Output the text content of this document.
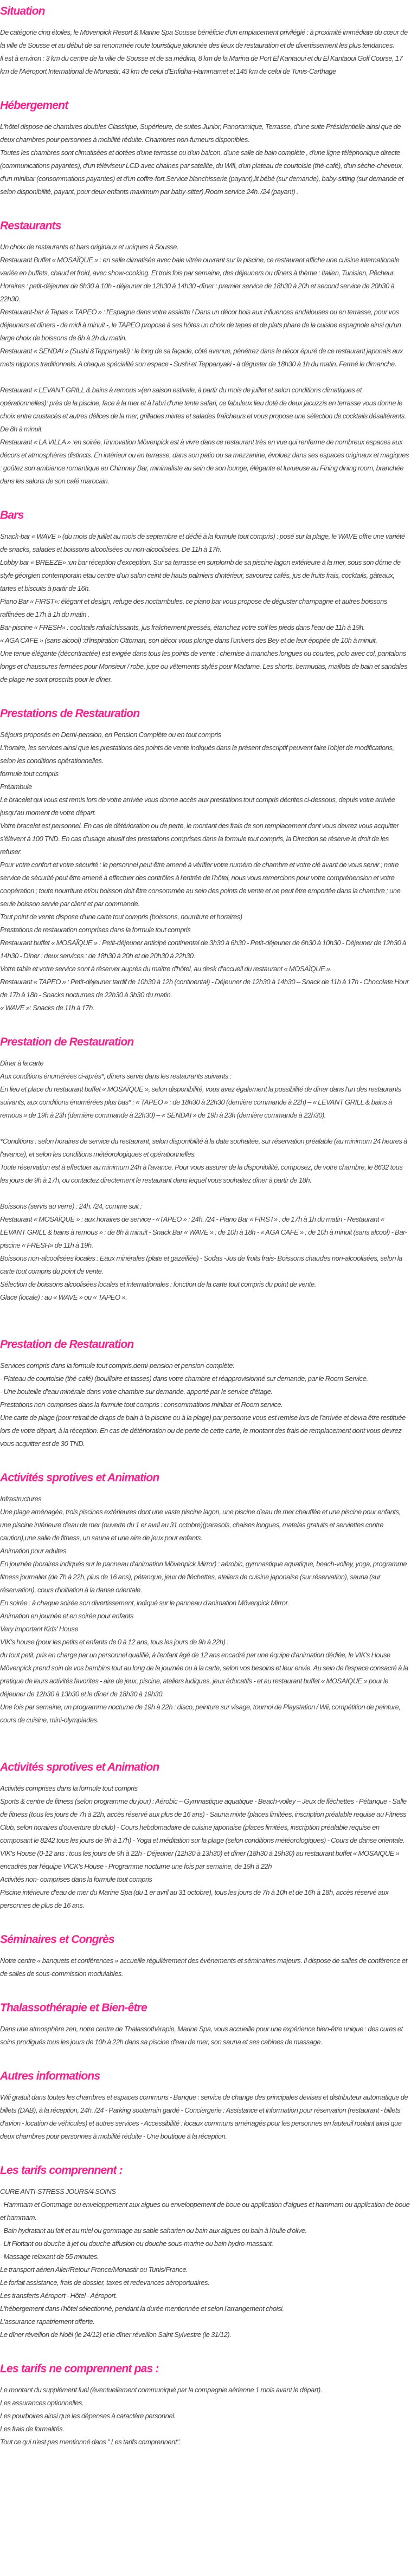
Situation

De catégorie cinq étoiles, le Mövenpick Resort & Marine Spa Sousse bénéficie d'un emplacement privilégié : à proximité immédiate du cœur de la ville de Sousse et au début de sa renommée route touristique jalonnée des lieux de restauration et de divertissement les plus tendances.

Il est à environ : 3 km du centre de la ville de Sousse et de sa médina, 8 km de la Marina de Port El Kantaoui et du El Kantaoui Golf Course, 17 km de l'Aéroport International de Monastir, 43 km de celui d'Enfidha-Hammamet et 145 km de celui de Tunis-Carthage

Hébergement

L'hôtel dispose de chambres doubles Classique, Supérieure, de suites Junior, Panoramique, Terrasse, d'une suite Présidentielle ainsi que de deux chambres pour personnes à mobilité réduite. Chambres non-fumeurs disponibles.

Toutes les chambres sont climatisées et dotées d'une terrasse ou d'un balcon, d'une salle de bain complète , d'une ligne téléphonique directe (communications payantes), d'un téléviseur LCD avec chaines par satellite, du Wifi, d'un plateau de courtoisie (thé-café), d'un sèche-cheveux, d'un minibar (consommations payantes) et d'un coffre-fort.Service blanchisserie (payant),lit bébé (sur demande), baby-sitting (sur demande et selon disponibilité, payant, pour deux enfants maximum par baby-sitter),Room service 24h. /24 (payant) .

Restaurants

Un choix de restaurants et bars originaux et uniques à Sousse.

Restaurant Buffet « MOSAÏQUE » : en salle climatisée avec baie vitrée ouvrant sur la piscine, ce restaurant affiche une cuisine internationale variée en buffets, chaud et froid, avec show-cooking. Et trois fois par semaine, des déjeuners ou dîners à thème : Italien, Tunisien, Pêcheur.

Horaires : petit-déjeuner de 6h30 à 10h - déjeuner de 12h30 à 14h30 -dîner : premier service de 18h30 à 20h et second service de 20h30 à 22h30.

Restaurant-bar à Tapas « TAPEO » : l'Espagne dans votre assiette ! Dans un décor bois aux influences andalouses ou en terrasse, pour vos déjeuners et dîners - de midi à minuit -, le TAPEO propose à ses hôtes un choix de tapas et de plats phare de la cuisine espagnole ainsi qu'un large choix de boissons de 8h à 2h du matin.

Restaurant « SENDAI » (Sushi &Teppanyaki) : le long de sa façade, côté avenue, pénétrez dans le décor épuré de ce restaurant japonais aux mets nippons traditionnels. A chaque spécialité son espace - Sushi et Teppanyaki - à déguster de 18h30 à 1h du matin. Fermé le dimanche.

Restaurant « LEVANT GRILL & bains à remous »(en saison estivale, à partir du mois de juillet et selon conditions climatiques et opérationnelles): près de la piscine, face à la mer et à l'abri d'une tente safari, ce fabuleux lieu doté de deux jacuzzis en terrasse vous donne le choix entre crustacés et autres délices de la mer, grillades mixtes et salades fraîcheurs et vous propose une sélection de cocktails désaltérants. De 8h à minuit.

Restaurant « LA VILLA » :en soirée, l'innovation Mövenpick est à vivre dans ce restaurant très en vue qui renferme de nombreux espaces aux décors et atmosphères distincts. En intérieur ou en terrasse, dans son patio ou sa mezzanine, évoluez dans ses espaces originaux et magiques : goûtez son ambiance romantique au Chimney Bar, minimaliste au sein de son lounge, élégante et luxueuse au Fining dining room, branchée dans les salons de son café marocain.

Bars

Snack-bar « WAVE » (du mois de juillet au mois de septembre et dédié à la formule tout compris) : posé sur la plage, le WAVE offre une variété de snacks, salades et boissons alcoolisées ou non-alcoolisées. De 11h à 17h.

Lobby bar « BREEZE» :un bar réception d'exception. Sur sa terrasse en surplomb de sa piscine lagon extérieure à la mer, sous son dôme de style géorgien contemporain etau centre d'un salon ceint de hauts palmiers d'intérieur, savourez cafés, jus de fruits frais, cocktails, gâteaux, tartes et biscuits à partir de 16h.

Piano Bar « FIRST»: élégant et design, refuge des noctambules, ce piano bar vous propose de déguster champagne et autres boissons raffinées de 17h à 1h du matin .

Bar-piscine « FRESH» : cocktails rafraîchissants, jus fraîchement pressés, étanchez votre soif les pieds dans l'eau de 11h à 19h.

« AGA CAFE » (sans alcool) :d'inspiration Ottoman, son décor vous plonge dans l'univers des Bey et de leur épopée de 10h à minuit.

Une tenue élégante (décontractée) est exigée dans tous les points de vente : chemise à manches longues ou courtes, polo avec col, pantalons longs et chaussures fermées pour Monsieur / robe, jupe ou vêtements stylés pour Madame. Les shorts, bermudas, maillots de bain et sandales de plage ne sont proscrits pour le dîner.

Prestations de Restauration

Séjours proposés en Demi-pension, en Pension Complète ou en tout compris

L'horaire, les services ainsi que les prestations des points de vente indiqués dans le présent descriptif peuvent faire l'objet de modifications, selon les conditions opérationnelles.

formule tout compris

Préambule

Le bracelet qui vous est remis lors de votre arrivée vous donne accès aux prestations tout compris décrites ci-dessous, depuis votre arrivée jusqu'au moment de votre départ.

Votre bracelet est personnel. En cas de détérioration ou de perte, le montant des frais de son remplacement dont vous devrez vous acquitter s'élèvent à 100 TND. En cas d'usage abusif des prestations comprises dans la formule tout compris, la Direction se réserve le droit de les refuser.

Pour votre confort et votre sécurité : le personnel peut être amené à vérifier votre numéro de chambre et votre clé avant de vous servir ; notre service de sécurité peut être amené à effectuer des contrôles à l'entrée de l'hôtel, nous vous remercions pour votre compréhension et votre coopération ; toute nourriture et/ou boisson doit être consommée au sein des points de vente et ne peut être emportée dans la chambre ; une seule boisson servie par client et par commande.

Tout point de vente dispose d'une carte tout compris (boissons, nourriture et horaires)

Prestations de restauration comprises dans la formule tout compris

Restaurant buffet « MOSAÏQUE » : Petit-déjeuner anticipé continental de 3h30 à 6h30 - Petit-déjeuner de 6h30 à 10h30 - Déjeuner de 12h30 à 14h30 - Dîner : deux services : de 18h30 à 20h et de 20h30 à 22h30.

Votre table et votre service sont à réserver auprès du maître d'hôtel, au desk d'accueil du restaurant « MOSAÏQUE ».

Restaurant « TAPEO » : Petit-déjeuner tardif de 10h30 à 12h (continental) - Déjeuner de 12h30 à 14h30 – Snack de 11h à 17h - Chocolate Hour de 17h à 18h - Snacks nocturnes de 22h30 à 3h30 du matin.

« WAVE »: Snacks de 11h à 17h.

Prestation de Restauration

Dîner à la carte

Aux conditions énumérées ci-après*, dîners servis dans les restaurants suivants :

En lieu et place du restaurant buffet « MOSAÏQUE », selon disponibilité, vous avez également la possibilité de dîner dans l'un des restaurants suivants, aux conditions énumérées plus bas* : « TAPEO » : de 18h30 à 22h30 (dernière commande à 22h) – « LEVANT GRILL & bains à remous » de 19h à 23h (dernière commande à 22h30) – « SENDAI » de 19h à 23h (dernière commande à 22h30).

*Conditions : selon horaires de service du restaurant, selon disponibilité à la date souhaitée, sur réservation préalable (au minimum 24 heures à l'avance), et selon les conditions météorologiques et opérationnelles.

Toute réservation est à effectuer au minimum 24h à l'avance. Pour vous assurer de la disponibilité, composez, de votre chambre, le 8632 tous les jours de 9h à 17h, ou contactez directement le restaurant dans lequel vous souhaitez dîner à partir de 18h.

Boissons (servis au verre) : 24h. /24, comme suit :

Restaurant « MOSAÏQUE » : aux horaires de service - «TAPEO » : 24h. /24 - Piano Bar « FIRST» : de 17h à 1h du matin - Restaurant « LEVANT GRILL & bains à remous » : de 8h à minuit - Snack Bar « WAVE » : de 10h à 18h - « AGA CAFE » : de 10h à minuit (sans alcool) - Bar-piscine « FRESH» de 11h à 19h.

Boissons non-alcoolisées locales : Eaux minérales (plate et gazéifiée) - Sodas -Jus de fruits frais- Boissons chaudes non-alcoolisées, selon la carte tout compris du point de vente.

Sélection de boissons alcoolisées locales et internationales : fonction de la carte tout compris du point de vente.

Glace (locale) : au « WAVE » ou « TAPEO ».

Prestation de Restauration

Services compris dans la formule tout compris,demi-pension et pension-complète:

- Plateau de courtoisie (thé-café) (bouilloire et tasses) dans votre chambre et réapprovisionné sur demande, par le Room Service.

- Une bouteille d'eau minérale dans votre chambre sur demande, apporté par le service d'étage.

Prestations non-comprises dans la formule tout compris : consommations minibar et Room service.

Une carte de plage (pour retrait de draps de bain à la piscine ou à la plage) par personne vous est remise lors de l'arrivée et devra être restituée lors de votre départ, à la réception. En cas de détérioration ou de perte de cette carte, le montant des frais de remplacement dont vous devrez vous acquitter est de 30 TND.

Activités sprotives et Animation

Infrastructures

Une plage aménagée, trois piscines extérieures dont une vaste piscine lagon, une piscine d'eau de mer chauffée et une piscine pour enfants, une piscine intérieure d'eau de mer (ouverte du 1 er avril au 31 octobre)(parasols, chaises longues, matelas gratuits et serviettes contre caution),une salle de fitness, un sauna et une aire de jeux pour enfants.

Animation pour adultes

En journée (horaires indiqués sur le panneau d'animation Mövenpick Mirror) : aérobic, gymnastique aquatique, beach-volley, yoga, programme fitness journalier (de 7h à 22h, plus de 16 ans), pétanque, jeux de fléchettes, ateliers de cuisine japonaise (sur réservation), sauna (sur réservation), cours d'initiation à la danse orientale.

En soirée : à chaque soirée son divertissement, indiqué sur le panneau d'animation Mövenpick Mirror.

Animation en journée et en soirée pour enfants

Very Important Kids' House

VIK's house (pour les petits et enfants de 0 à 12 ans, tous les jours de 9h à 22h) :

du tout petit, pris en charge par un personnel qualifié, à l'enfant âgé de 12 ans encadré par une équipe d'animation dédiée, le VIK's House Mövenpick prend soin de vos bambins tout au long de la journée ou à la carte, selon vos besoins et leur envie. Au sein de l'espace consacré à la pratique de leurs activités favorites - aire de jeux, piscine, ateliers ludiques, jeux éducatifs - et au restaurant buffet « MOSAIQUE » pour le déjeuner de 12h30 à 13h30 et le dîner de 18h30 à 19h30.

Une fois par semaine, un programme nocturne de 19h à 22h : disco, peinture sur visage, tournoi de Playstation / Wii, compétition de peinture, cours de cuisine, mini-olympiades.

Activités sprotives et Animation

Activités comprises dans la formule tout compris

Sports & centre de fitness (selon programme du jour) : Aérobic – Gymnastique aquatique - Beach-volley – Jeux de fléchettes - Pétanque - Salle de fitness (tous les jours de 7h à 22h, accès réservé aux plus de 16 ans) - Sauna mixte (places limitées, inscription préalable requise au Fitness Club, selon horaires d'ouverture du club) - Cours hebdomadaire de cuisine japonaise (places limitées, inscription préalable requise en composant le 8242 tous les jours de 9h à 17h) - Yoga et méditation sur la plage (selon conditions météorologiques) - Cours de danse orientale.

VIK's House (0-12 ans : tous les jours de 9h à 22h - Déjeuner (12h30 à 13h30) et dîner (18h30 à 19h30) au restaurant buffet « MOSAIQUE » encadrés par l'équipe VICK's House - Programme nocturne une fois par semaine, de 19h à 22h

Activités non- comprises dans la formule tout compris

Piscine intérieure d'eau de mer du Marine Spa (du 1 er avril au 31 octobre), tous les jours de 7h à 10h et de 16h à 18h, accès réservé aux personnes de plus de 16 ans.

Séminaires et Congrès

Notre centre « banquets et conférences » accueille régulièrement des événements et séminaires majeurs. Il dispose de salles de conférence et de salles de sous-commission modulables.

Thalassothérapie et Bien-être

Dans une atmosphère zen, notre centre de Thalassothérapie, Marine Spa, vous accueille pour une expérience bien-être unique : des cures et soins prodigués tous les jours de 10h à 22h dans sa piscine d'eau de mer, son sauna et ses cabines de massage.

Autres informations

Wifi gratuit dans toutes les chambres et espaces communs - Banque : service de change des principales devises et distributeur automatique de billets (DAB), à la réception, 24h. /24 - Parking souterrain gardé - Conciergerie : Assistance et information pour réservation (restaurant - billets d'avion - location de véhicules) et autres services - Accessibilité : locaux communs aménagés pour les personnes en fauteuil roulant ainsi que deux chambres pour personnes à mobilité réduite - Une boutique à la réception.

Les tarifs comprennent :

CURE ANTI-STRESS JOURS/4 SOINS

- Hammam et Gommage ou enveloppement aux algues ou enveloppement de boue ou application d'algues et hammam ou application de boue et hammam.

- Bain hydratant au lait et au miel ou gommage au sable saharien ou bain aux algues ou bain à l'huile d'olive.

- Lit Flottant ou douche à jet ou douche affusion ou douche sous-marine ou bain hydro-massant.

- Massage relaxant de 55 minutes.

Le transport aérien Aller/Retour France/Monastir ou Tunis/France.

Le forfait assistance, frais de dossier, taxes et redevances aéroportuaires.

Les transferts Aéroport - Hôtel - Aéroport.

L'hébergement dans l'hôtel sélectionné, pendant la durée mentionnée et selon l'arrangement choisi.

L'assurance rapatriement offerte.

Le dîner réveillon de Noël (le 24/12) et le dîner réveillon Saint Sylvestre (le 31/12).

Les tarifs ne comprennent pas :

Le montant du supplément fuel (éventuellement communiqué par la compagnie aérienne 1 mois avant le départ).

Les assurances optionnelles.

Les pourboires ainsi que les dépenses à caractère personnel.

Les frais de formalités.

Tout ce qui n'est pas mentionné dans " Les tarifs comprennent".
